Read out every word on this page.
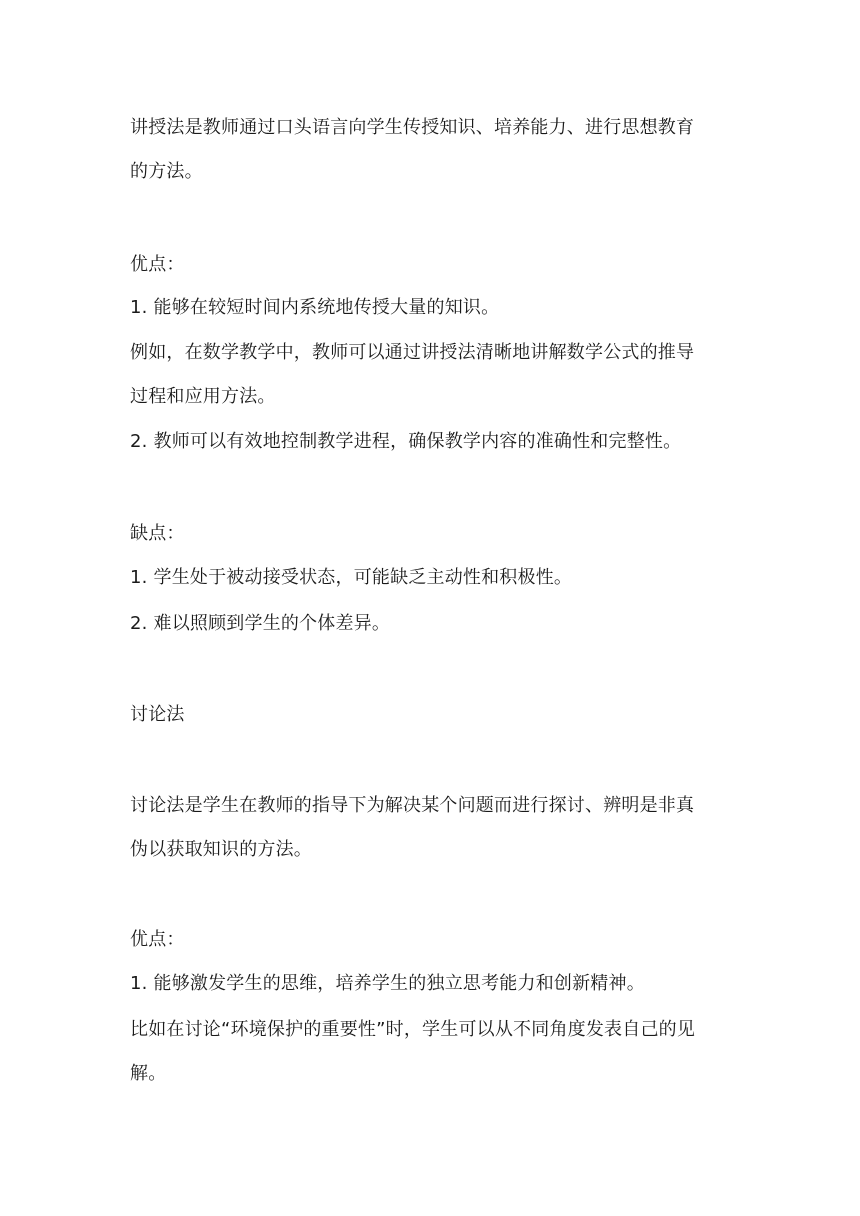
讲授法是教师通过口头语言向学生传授知识、培养能力、进行思想教育
的方法。
优点：
1. 能够在较短时间内系统地传授大量的知识。
例如，在数学教学中，教师可以通过讲授法清晰地讲解数学公式的推导
过程和应用方法。
2. 教师可以有效地控制教学进程，确保教学内容的准确性和完整性。
缺点：
1. 学生处于被动接受状态，可能缺乏主动性和积极性。
2. 难以照顾到学生的个体差异。
讨论法
讨论法是学生在教师的指导下为解决某个问题而进行探讨、辨明是非真
伪以获取知识的方法。
优点：
1. 能够激发学生的思维，培养学生的独立思考能力和创新精神。
比如在讨论“环境保护的重要性”时，学生可以从不同角度发表自己的见
解。
